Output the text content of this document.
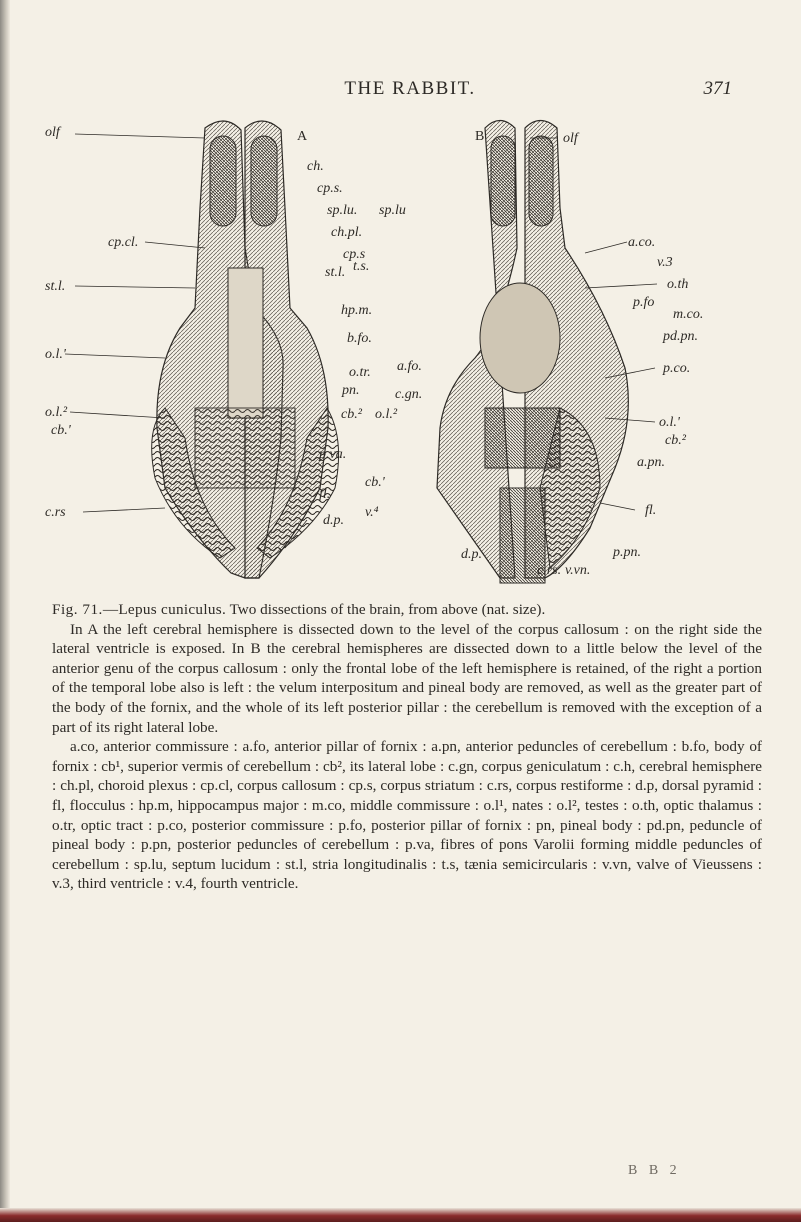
THE RABBIT.	371
A	B
olf
ch.
cp.s.
sp.lu. sp.lu
olf
cp.cl.
ch.pl.
a.co.
cp.s
v.3
st.l.
st.l. t.s.
o.th
p.fo
m.co.
hp.m.
pd.pn.
o.l.'
b.fo.
p.co.
o.tr. a.fo.
pn.	c.gn.
o.l.²	cb.² o.l.²
o.l.'
cb.'
cb.²
p.va.
a.pn.
cb.'
fl.
fl.
c.rs
d.p.
v.⁴
d.p.	p.pn.
c.rs. v.vn.

Fig. 71.—Lepus cuniculus. Two dissections of the brain, from above (nat. size).

In A the left cerebral hemisphere is dissected down to the level of the corpus callosum : on the right side the lateral ventricle is exposed. In B the cerebral hemispheres are dissected down to a little below the level of the anterior genu of the corpus callosum : only the frontal lobe of the left hemisphere is retained, of the right a portion of the temporal lobe also is left : the velum interpositum and pineal body are removed, as well as the greater part of the body of the fornix, and the whole of its left posterior pillar : the cerebellum is removed with the exception of a part of its right lateral lobe.

a.co, anterior commissure : a.fo, anterior pillar of fornix : a.pn, anterior peduncles of cerebellum : b.fo, body of fornix : cb¹, superior vermis of cerebellum : cb², its lateral lobe : c.gn, corpus geniculatum : c.h, cerebral hemisphere : ch.pl, choroid plexus : cp.cl, corpus callosum : cp.s, corpus striatum : c.rs, corpus restiforme : d.p, dorsal pyramid : fl, flocculus : hp.m, hippocampus major : m.co, middle commissure : o.l¹, nates : o.l², testes : o.th, optic thalamus : o.tr, optic tract : p.co, posterior commissure : p.fo, posterior pillar of fornix : pn, pineal body : pd.pn, peduncle of pineal body : p.pn, posterior peduncles of cerebellum : p.va, fibres of pons Varolii forming middle peduncles of cerebellum : sp.lu, septum lucidum : st.l, stria longitudinalis : t.s, tænia semicircularis : v.vn, valve of Vieussens : v.3, third ventricle : v.4, fourth ventricle.

B B 2
